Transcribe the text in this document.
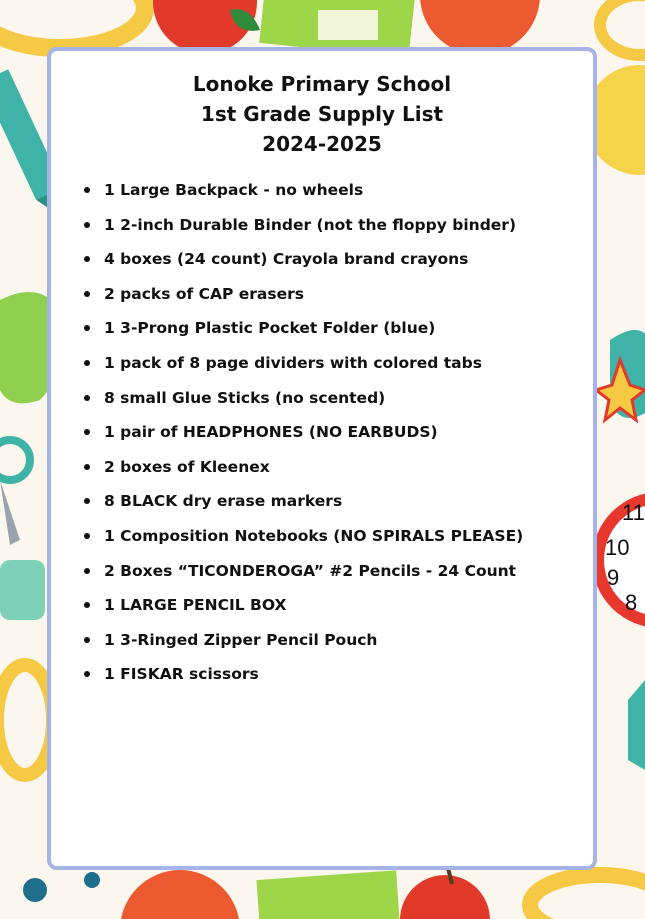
10
11
9
8
Lonoke Primary School
1st Grade Supply List
2024-2025
1 Large Backpack - no wheels
1 2-inch Durable Binder (not the floppy binder)
4 boxes (24 count) Crayola brand crayons
2 packs of CAP erasers
1 3-Prong Plastic Pocket Folder (blue)
1 pack of 8 page dividers with colored tabs
8 small Glue Sticks (no scented)
1 pair of HEADPHONES (NO EARBUDS)
2 boxes of Kleenex
8 BLACK dry erase markers
1 Composition Notebooks (NO SPIRALS PLEASE)
2 Boxes “TICONDEROGA” #2 Pencils - 24 Count
1 LARGE PENCIL BOX
1 3-Ringed Zipper Pencil Pouch
1 FISKAR scissors
